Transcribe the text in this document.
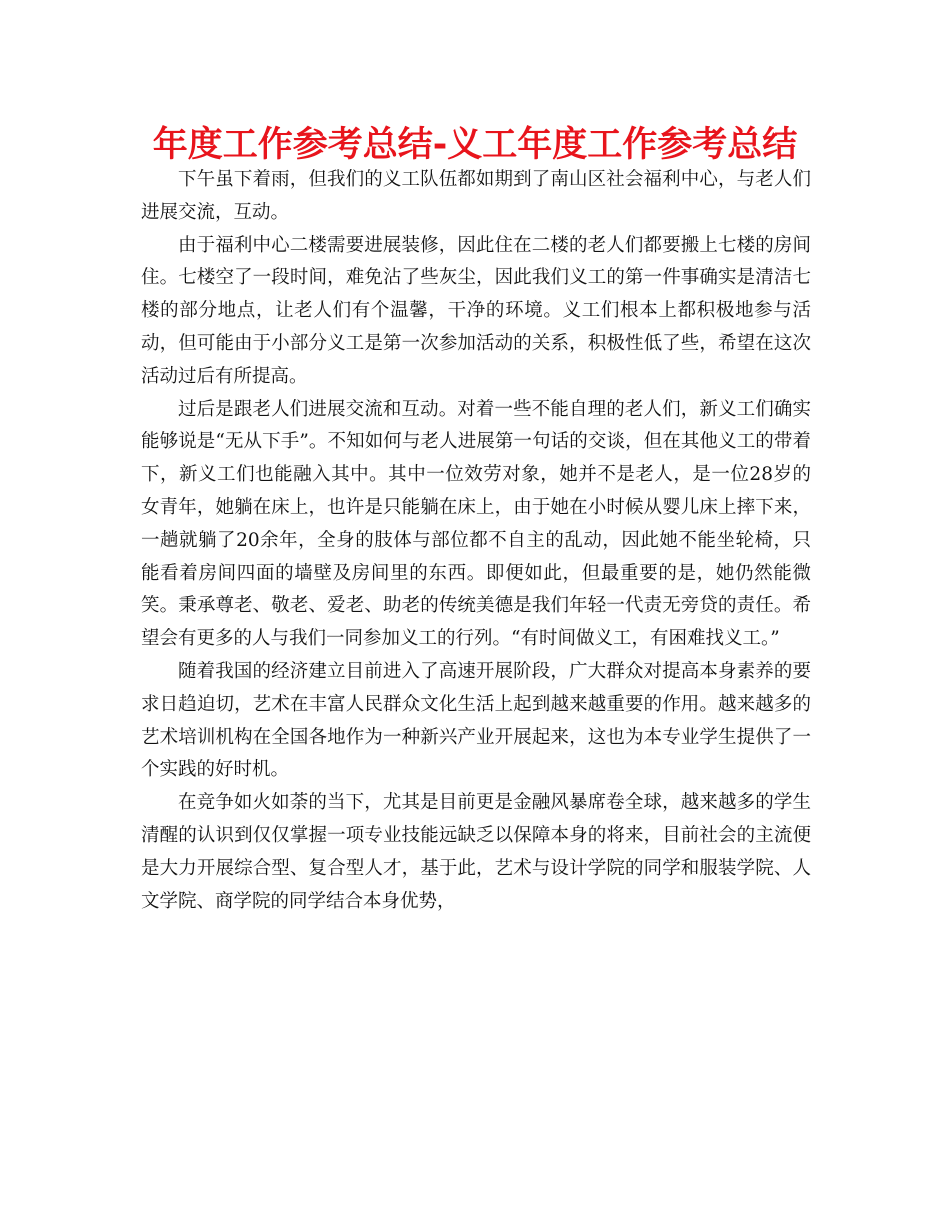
年度工作参考总结-义工年度工作参考总结

下午虽下着雨，但我们的义工队伍都如期到了南山区社会福利中心，与老人们进展交流，互动。

由于福利中心二楼需要进展装修，因此住在二楼的老人们都要搬上七楼的房间住。七楼空了一段时间，难免沾了些灰尘，因此我们义工的第一件事确实是清洁七楼的部分地点，让老人们有个温馨，干净的环境。义工们根本上都积极地参与活动，但可能由于小部分义工是第一次参加活动的关系，积极性低了些，希望在这次活动过后有所提高。

过后是跟老人们进展交流和互动。对着一些不能自理的老人们，新义工们确实能够说是“无从下手”。不知如何与老人进展第一句话的交谈，但在其他义工的带着下，新义工们也能融入其中。其中一位效劳对象，她并不是老人，是一位28岁的女青年，她躺在床上，也许是只能躺在床上，由于她在小时候从婴儿床上摔下来，一趟就躺了20余年，全身的肢体与部位都不自主的乱动，因此她不能坐轮椅，只能看着房间四面的墙壁及房间里的东西。即便如此，但最重要的是，她仍然能微笑。秉承尊老、敬老、爱老、助老的传统美德是我们年轻一代责无旁贷的责任。希望会有更多的人与我们一同参加义工的行列。“有时间做义工，有困难找义工。”

随着我国的经济建立目前进入了高速开展阶段，广大群众对提高本身素养的要求日趋迫切，艺术在丰富人民群众文化生活上起到越来越重要的作用。越来越多的艺术培训机构在全国各地作为一种新兴产业开展起来，这也为本专业学生提供了一个实践的好时机。

在竞争如火如荼的当下，尤其是目前更是金融风暴席卷全球，越来越多的学生清醒的认识到仅仅掌握一项专业技能远缺乏以保障本身的将来，目前社会的主流便是大力开展综合型、复合型人才，基于此，艺术与设计学院的同学和服装学院、人文学院、商学院的同学结合本身优势，
